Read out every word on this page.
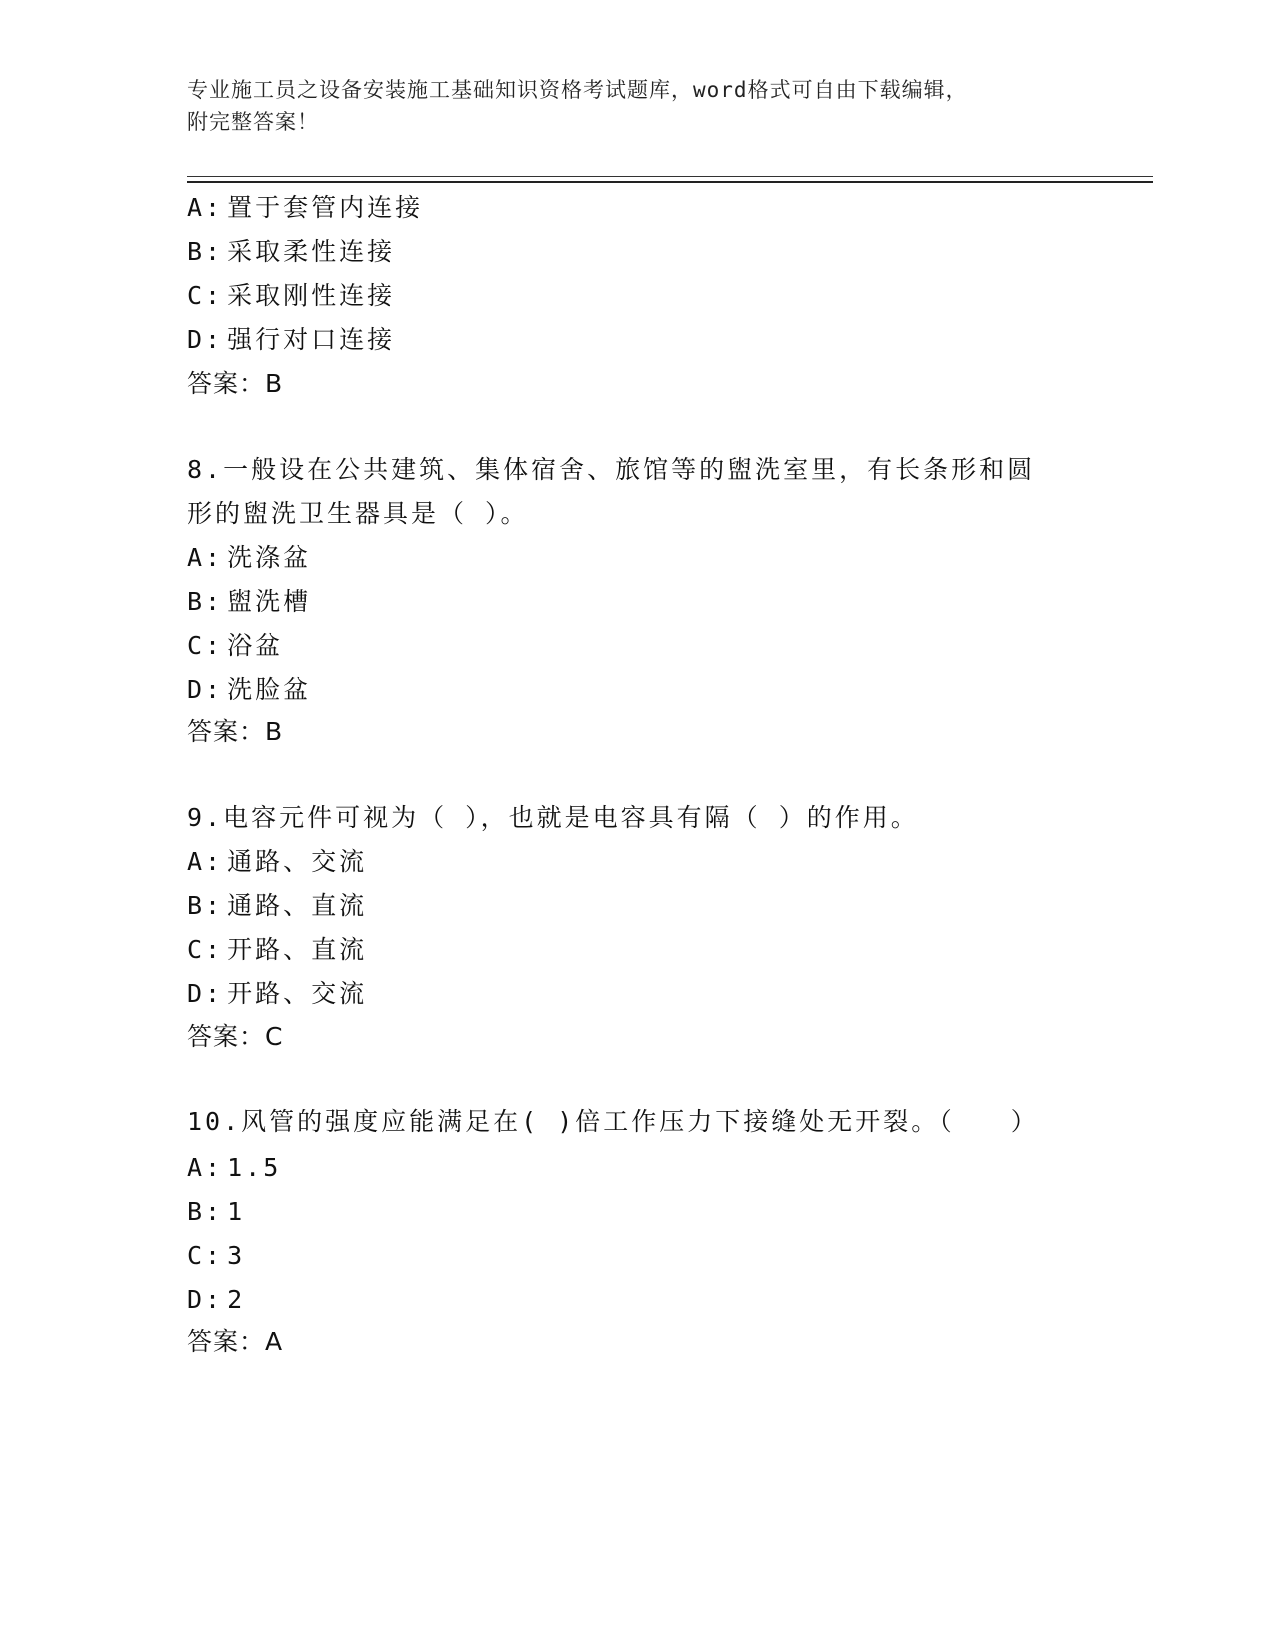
专业施工员之设备安装施工基础知识资格考试题库，word格式可自由下载编辑，
附完整答案！
A: 置于套管内连接
B: 采取柔性连接
C: 采取刚性连接
D: 强行对口连接
答案：B
8.一般设在公共建筑、集体宿舍、旅馆等的盥洗室里，有长条形和圆
形的盥洗卫生器具是（ ）。
A: 洗涤盆
B: 盥洗槽
C: 浴盆
D: 洗脸盆
答案：B
9.电容元件可视为（ ），也就是电容具有隔（ ）的作用。
A: 通路、交流
B: 通路、直流
C: 开路、直流
D: 开路、交流
答案：C
10.风管的强度应能满足在( )倍工作压力下接缝处无开裂。（　　）
A: 1.5
B: 1
C: 3
D: 2
答案：A
